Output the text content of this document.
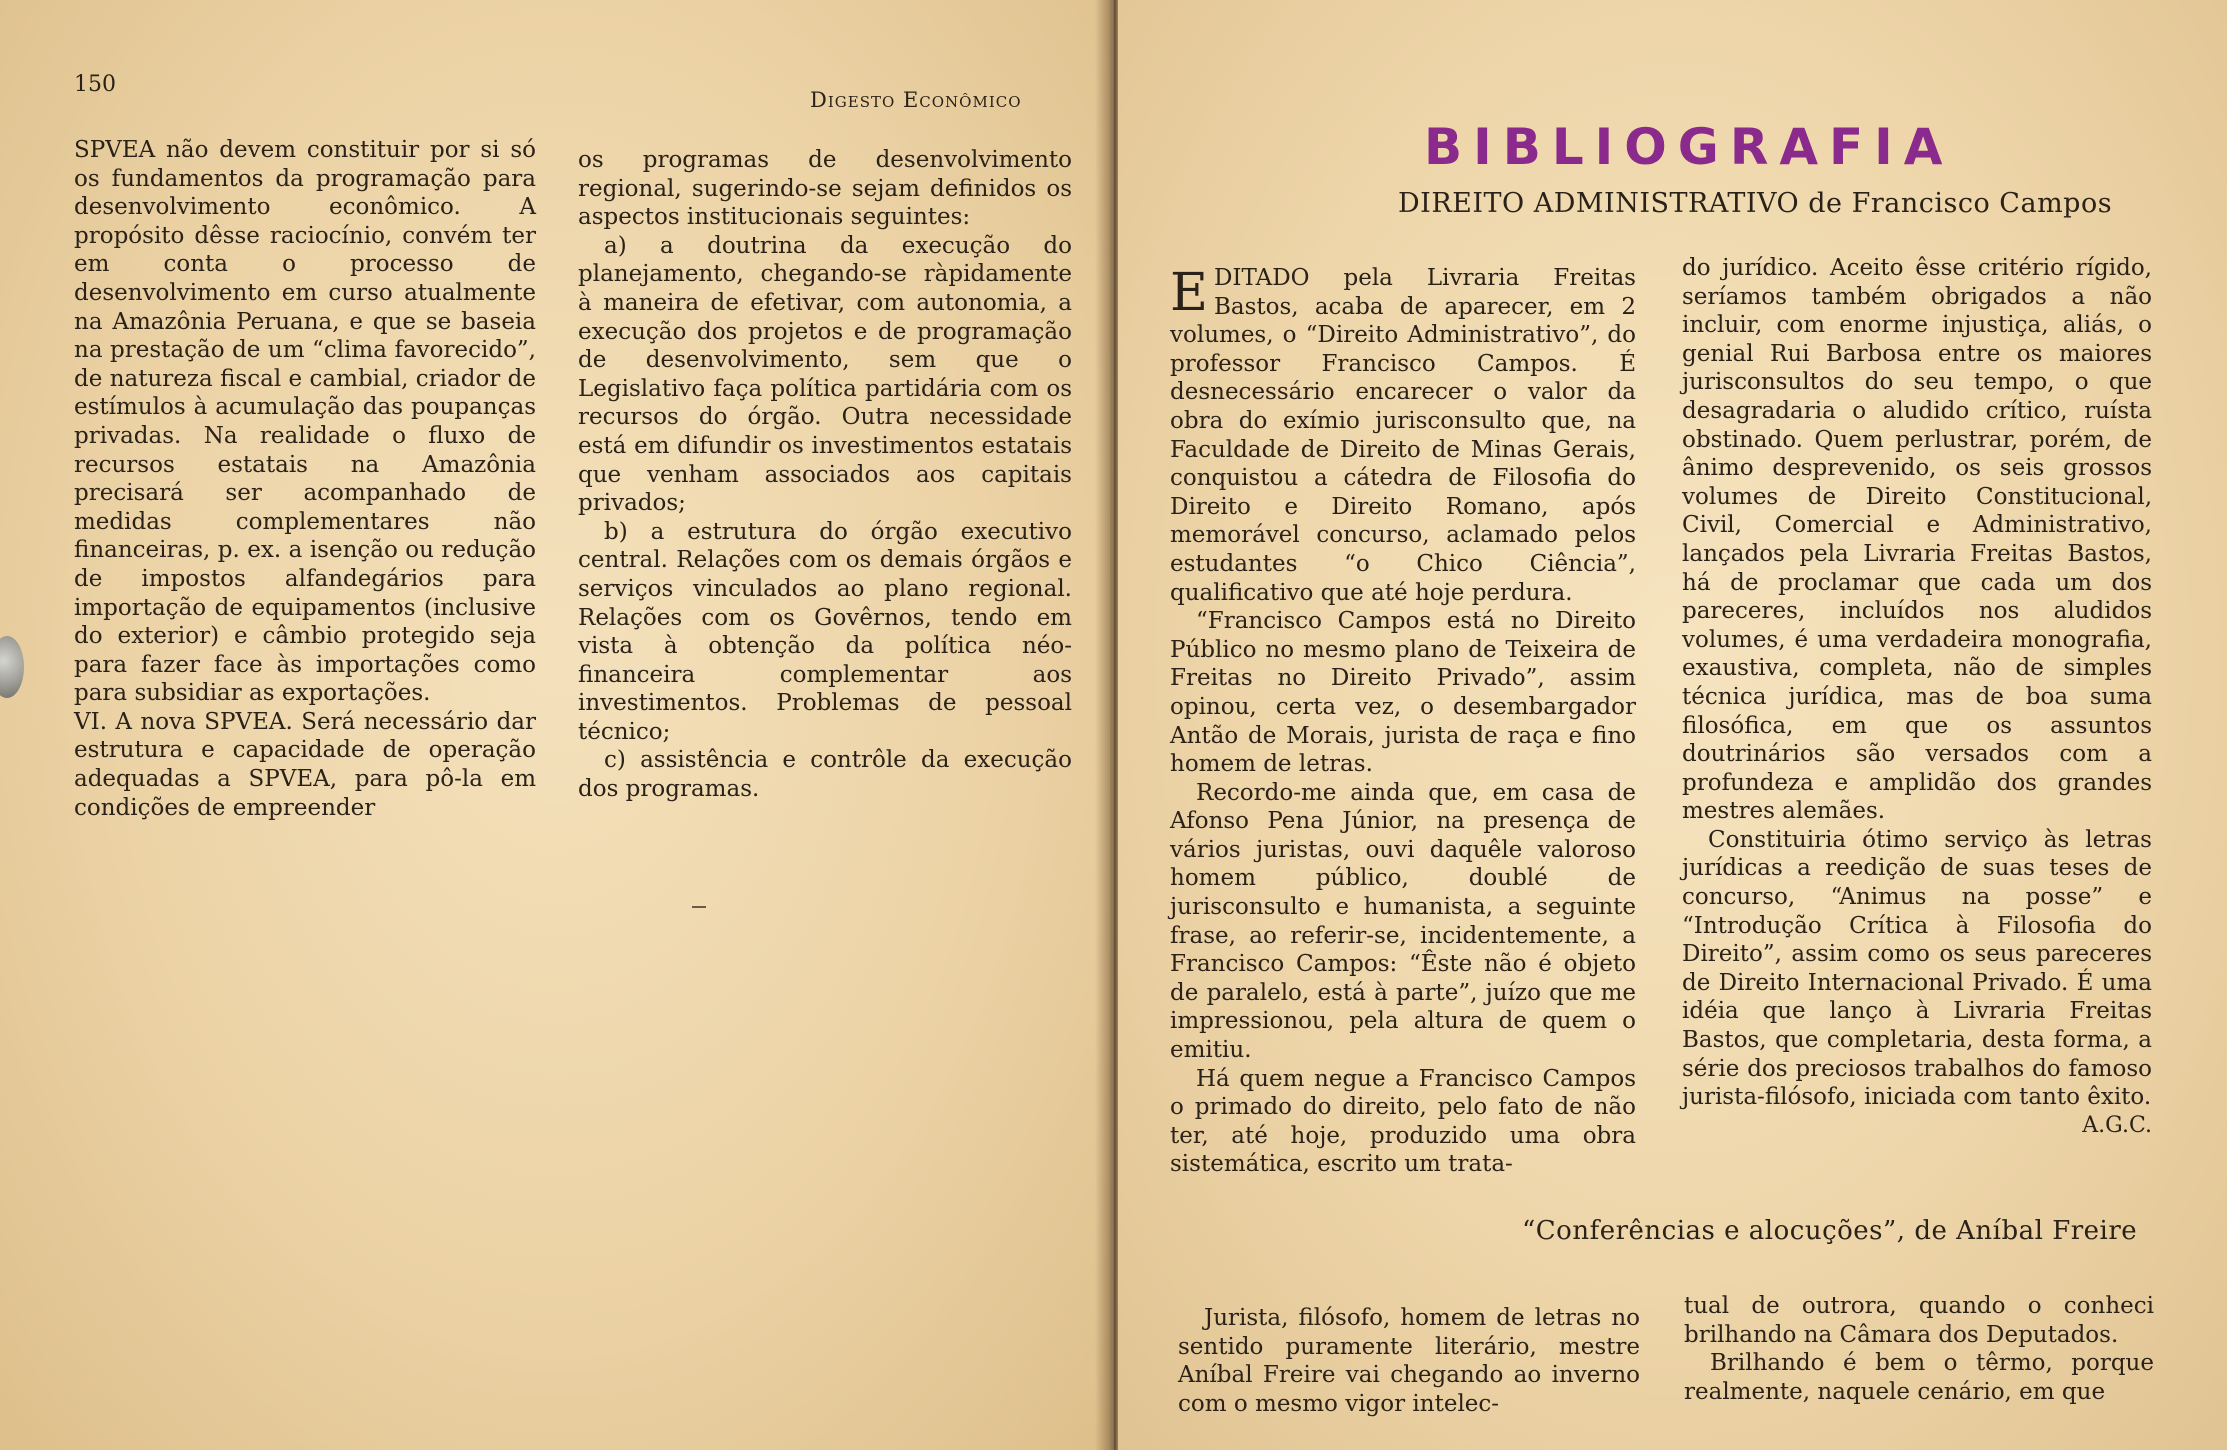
150
Digesto Econômico

SPVEA não devem constituir por si só os fundamentos da programação para desenvolvimento econômico. A propósito dêsse raciocínio, convém ter em conta o processo de desenvolvimento em curso atualmente na Amazônia Peruana, e que se baseia na prestação de um “clima favorecido”, de natureza fiscal e cambial, criador de estímulos à acumulação das poupanças privadas. Na realidade o fluxo de recursos estatais na Amazônia precisará ser acompanhado de medidas complementares não financeiras, p. ex. a isenção ou redução de impostos alfandegários para importação de equipamentos (inclusive do exterior) e câmbio protegido seja para fazer face às importações como para subsidiar as exportações.

VI. A nova SPVEA. Será necessário dar estrutura e capacidade de operação adequadas a SPVEA, para pô-la em condições de empreender

os programas de desenvolvimento regional, sugerindo-se sejam definidos os aspectos institucionais seguintes:

a) a doutrina da execução do planejamento, chegando-se ràpidamente à maneira de efetivar, com autonomia, a execução dos projetos e de programação de desenvolvimento, sem que o Legislativo faça política partidária com os recursos do órgão. Outra necessidade está em difundir os investimentos estatais que venham associados aos capitais privados;

b) a estrutura do órgão executivo central. Relações com os demais órgãos e serviços vinculados ao plano regional. Relações com os Govêrnos, tendo em vista à obtenção da política néo-financeira complementar aos investimentos. Problemas de pessoal técnico;

c) assistência e contrôle da execução dos programas.

BIBLIOGRAFIA
DIREITO ADMINISTRATIVO de Francisco Campos
E DITADO pela Livraria Freitas Bastos, acaba de aparecer, em 2 volumes, o “Direito Administrativo”, do professor Francisco Campos. É desnecessário encarecer o valor da obra do exímio jurisconsulto que, na Faculdade de Direito de Minas Gerais, conquistou a cátedra de Filosofia do Direito e Direito Romano, após memorável concurso, aclamado pelos estudantes “o Chico Ciência”, qualificativo que até hoje perdura.

“Francisco Campos está no Direito Público no mesmo plano de Teixeira de Freitas no Direito Privado”, assim opinou, certa vez, o desembargador Antão de Morais, jurista de raça e fino homem de letras.

Recordo-me ainda que, em casa de Afonso Pena Júnior, na presença de vários juristas, ouvi daquêle valoroso homem público, doublé de jurisconsulto e humanista, a seguinte frase, ao referir-se, incidentemente, a Francisco Campos: “Êste não é objeto de paralelo, está à parte”, juízo que me impressionou, pela altura de quem o emitiu.

Há quem negue a Francisco Campos o primado do direito, pelo fato de não ter, até hoje, produzido uma obra sistemática, escrito um trata-

do jurídico. Aceito êsse critério rígido, seríamos também obrigados a não incluir, com enorme injustiça, aliás, o genial Rui Barbosa entre os maiores jurisconsultos do seu tempo, o que desagradaria o aludido crítico, ruísta obstinado. Quem perlustrar, porém, de ânimo desprevenido, os seis grossos volumes de Direito Constitucional, Civil, Comercial e Administrativo, lançados pela Livraria Freitas Bastos, há de proclamar que cada um dos pareceres, incluídos nos aludidos volumes, é uma verdadeira monografia, exaustiva, completa, não de simples técnica jurídica, mas de boa suma filosófica, em que os assuntos doutrinários são versados com a profundeza e amplidão dos grandes mestres alemães.

Constituiria ótimo serviço às letras jurídicas a reedição de suas teses de concurso, “Animus na posse” e “Introdução Crítica à Filosofia do Direito”, assim como os seus pareceres de Direito Internacional Privado. É uma idéia que lanço à Livraria Freitas Bastos, que completaria, desta forma, a série dos preciosos trabalhos do famoso jurista-filósofo, iniciada com tanto êxito.

A.G.C.
“Conferências e alocuções”, de Aníbal Freire

Jurista, filósofo, homem de letras no sentido puramente literário, mestre Aníbal Freire vai chegando ao inverno com o mesmo vigor intelec-

tual de outrora, quando o conheci brilhando na Câmara dos Deputados.

Brilhando é bem o têrmo, porque realmente, naquele cenário, em que
